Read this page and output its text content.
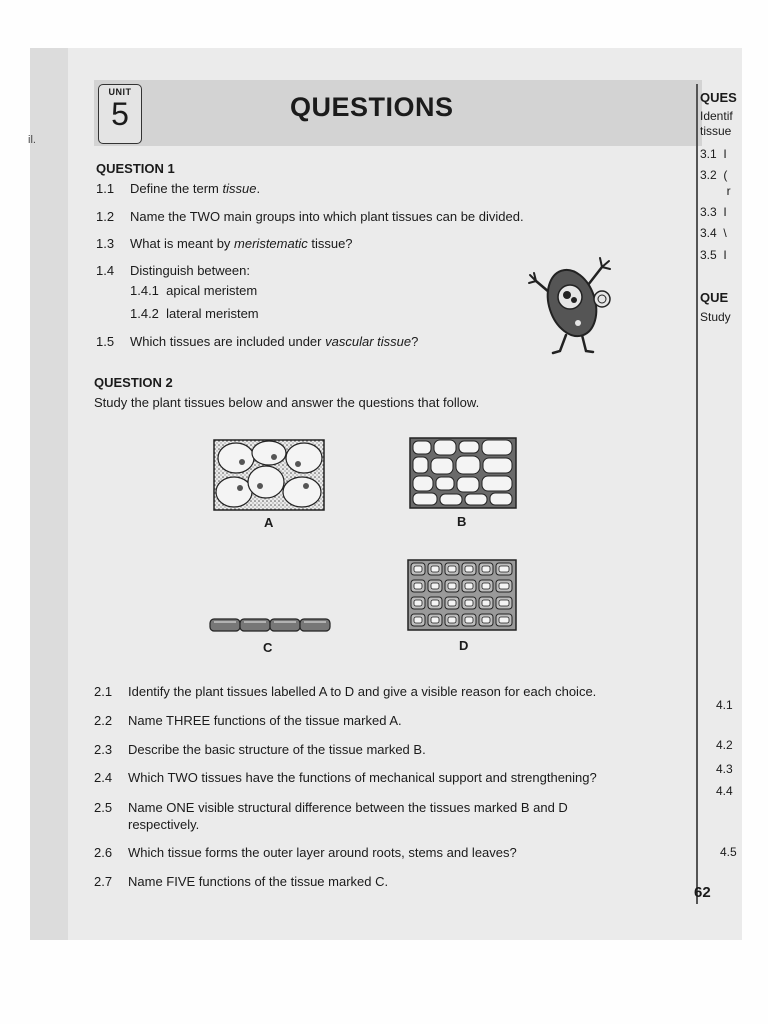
il.
UNIT
5	QUESTIONS
QUESTION 1
1.1 Define the term tissue.
1.2 Name the TWO main groups into which plant tissues can be divided.
1.3 What is meant by meristematic tissue?
1.4 Distinguish between:
1.4.1 apical meristem
1.4.2 lateral meristem
1.5 Which tissues are included under vascular tissue?
QUESTION 2
Study the plant tissues below and answer the questions that follow.
A	B
C	D
2.1 Identify the plant tissues labelled A to D and give a visible reason for each choice.
2.2 Name THREE functions of the tissue marked A.
2.3 Describe the basic structure of the tissue marked B.
2.4 Which TWO tissues have the functions of mechanical support and strengthening?
2.5 Name ONE visible structural difference between the tissues marked B and D
respectively.
2.6 Which tissue forms the outer layer around roots, stems and leaves?
2.7 Name FIVE functions of the tissue marked C.
QUES
Identif
tissue
3.1 I
3.2 (
r
3.3 I
3.4 \
3.5 I
QUE
Study
4.1
4.2
4.3
4.4
4.5
62
